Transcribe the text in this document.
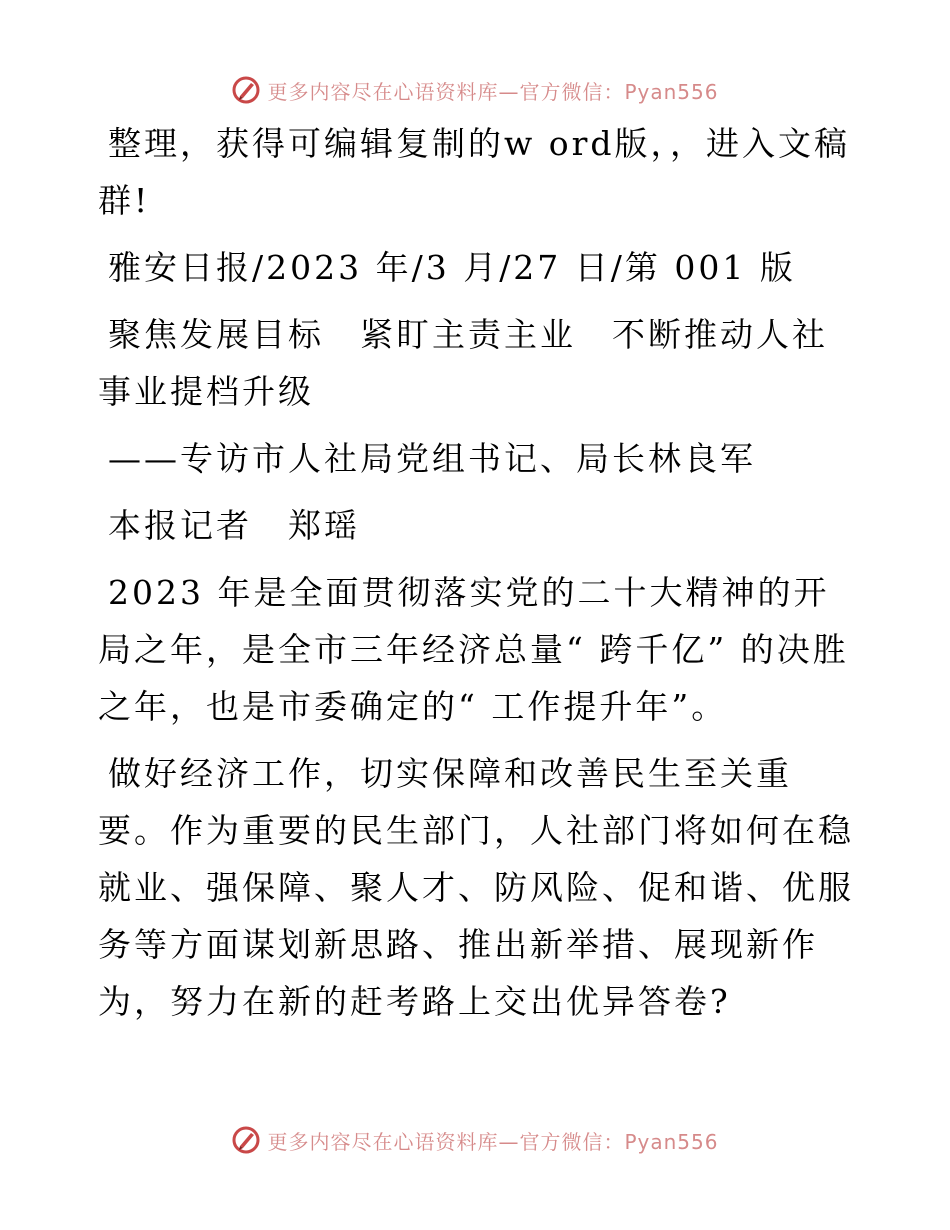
更多内容尽在心语资料库—官方微信：Pyan556

整理，获得可编辑复制的w ord版，，进入文稿群!

雅安日报/2023 年/3 月/27 日/第 001 版

聚焦发展目标　紧盯主责主业　不断推动人社事业提档升级

——专访市人社局党组书记、局长林良军

本报记者　郑瑶

2023 年是全面贯彻落实党的二十大精神的开局之年，是全市三年经济总量“ 跨千亿” 的决胜之年，也是市委确定的“ 工作提升年”。

做好经济工作，切实保障和改善民生至关重要。作为重要的民生部门，人社部门将如何在稳就业、强保障、聚人才、防风险、促和谐、优服务等方面谋划新思路、推出新举措、展现新作为，努力在新的赶考路上交出优异答卷?

更多内容尽在心语资料库—官方微信：Pyan556
